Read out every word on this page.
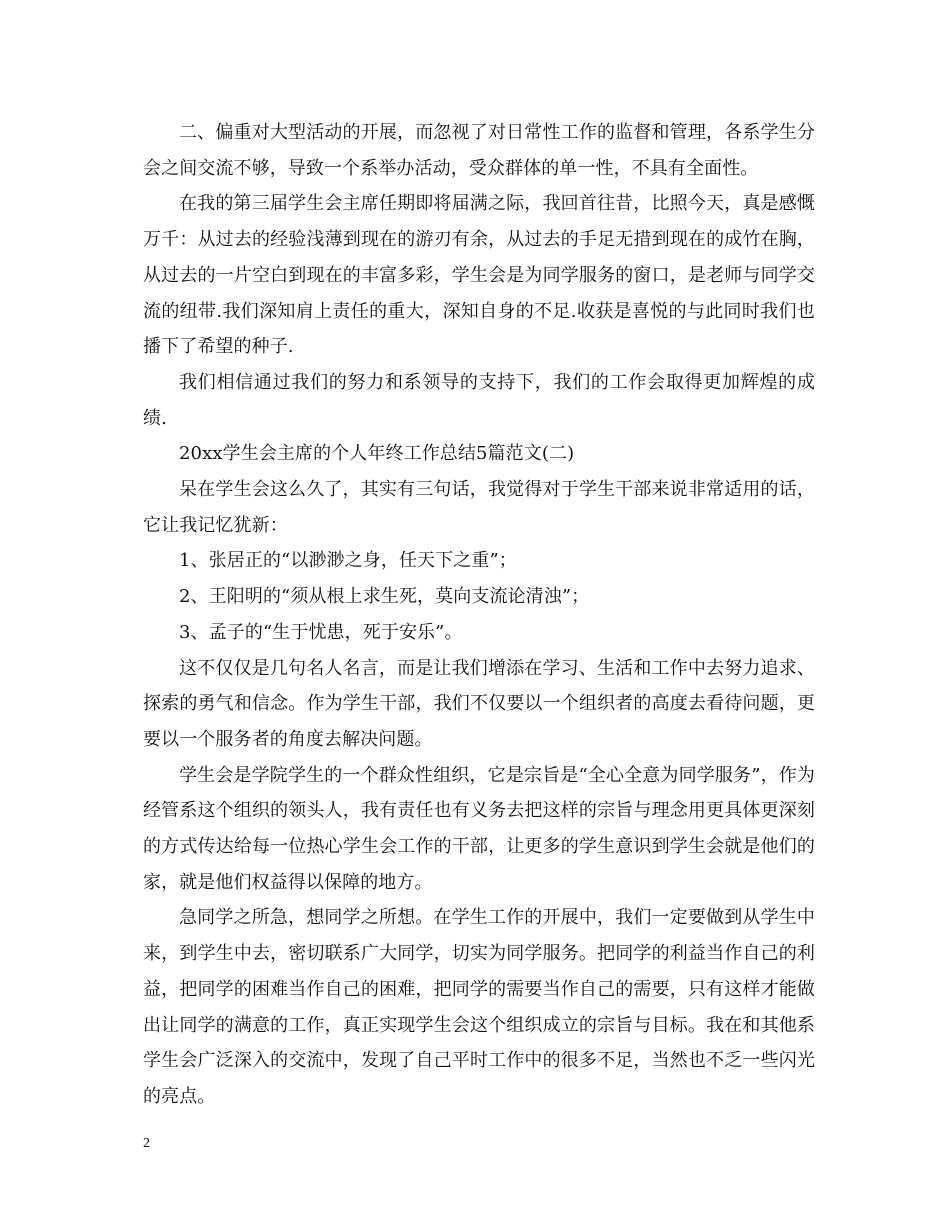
二、偏重对大型活动的开展，而忽视了对日常性工作的监督和管理，各系学生分会之间交流不够，导致一个系举办活动，受众群体的单一性，不具有全面性。

在我的第三届学生会主席任期即将届满之际，我回首往昔，比照今天，真是感慨万千：从过去的经验浅薄到现在的游刃有余，从过去的手足无措到现在的成竹在胸，从过去的一片空白到现在的丰富多彩，学生会是为同学服务的窗口，是老师与同学交流的纽带.我们深知肩上责任的重大，深知自身的不足.收获是喜悦的与此同时我们也播下了希望的种子.

我们相信通过我们的努力和系领导的支持下，我们的工作会取得更加辉煌的成绩.

20xx学生会主席的个人年终工作总结5篇范文(二)

呆在学生会这么久了，其实有三句话，我觉得对于学生干部来说非常适用的话，它让我记忆犹新：

1、张居正的“以渺渺之身，任天下之重”；

2、王阳明的“须从根上求生死，莫向支流论清浊”；

3、孟子的“生于忧患，死于安乐”。

这不仅仅是几句名人名言，而是让我们增添在学习、生活和工作中去努力追求、探索的勇气和信念。作为学生干部，我们不仅要以一个组织者的高度去看待问题，更要以一个服务者的角度去解决问题。

学生会是学院学生的一个群众性组织，它是宗旨是“全心全意为同学服务”，作为经管系这个组织的领头人，我有责任也有义务去把这样的宗旨与理念用更具体更深刻的方式传达给每一位热心学生会工作的干部，让更多的学生意识到学生会就是他们的家，就是他们权益得以保障的地方。

急同学之所急，想同学之所想。在学生工作的开展中，我们一定要做到从学生中来，到学生中去，密切联系广大同学，切实为同学服务。把同学的利益当作自己的利益，把同学的困难当作自己的困难，把同学的需要当作自己的需要，只有这样才能做出让同学的满意的工作，真正实现学生会这个组织成立的宗旨与目标。我在和其他系学生会广泛深入的交流中，发现了自己平时工作中的很多不足，当然也不乏一些闪光的亮点。

2
